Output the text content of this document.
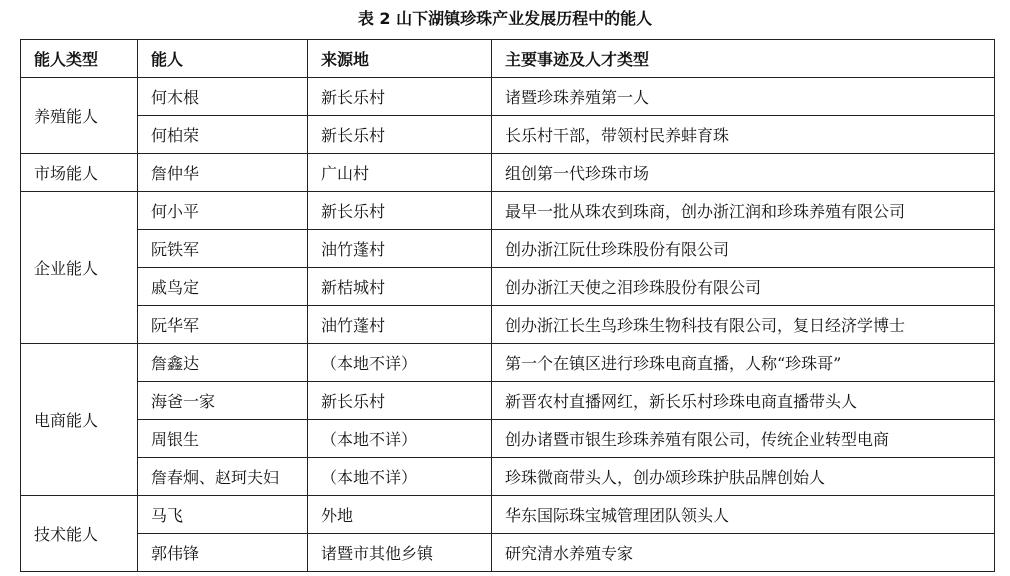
表 2 山下湖镇珍珠产业发展历程中的能人
能人类型	能人	来源地	主要事迹及人才类型
养殖能人	何木根	新长乐村	诸暨珍珠养殖第一人
	何柏荣	新长乐村	长乐村干部，带领村民养蚌育珠
市场能人	詹仲华	广山村	组创第一代珍珠市场
企业能人	何小平	新长乐村	最早一批从珠农到珠商，创办浙江润和珍珠养殖有限公司
	阮铁军	油竹蓬村	创办浙江阮仕珍珠股份有限公司
	戚鸟定	新桔城村	创办浙江天使之泪珍珠股份有限公司
	阮华军	油竹蓬村	创办浙江长生鸟珍珠生物科技有限公司，复日经济学博士
电商能人	詹鑫达	（本地不详）	第一个在镇区进行珍珠电商直播，人称“珍珠哥”
	海爸一家	新长乐村	新晋农村直播网红，新长乐村珍珠电商直播带头人
	周银生	（本地不详）	创办诸暨市银生珍珠养殖有限公司，传统企业转型电商
	詹春炯、赵珂夫妇	（本地不详）	珍珠微商带头人，创办颂珍珠护肤品牌创始人
技术能人	马飞	外地	华东国际珠宝城管理团队领头人
	郭伟锋	诸暨市其他乡镇	研究清水养殖专家
